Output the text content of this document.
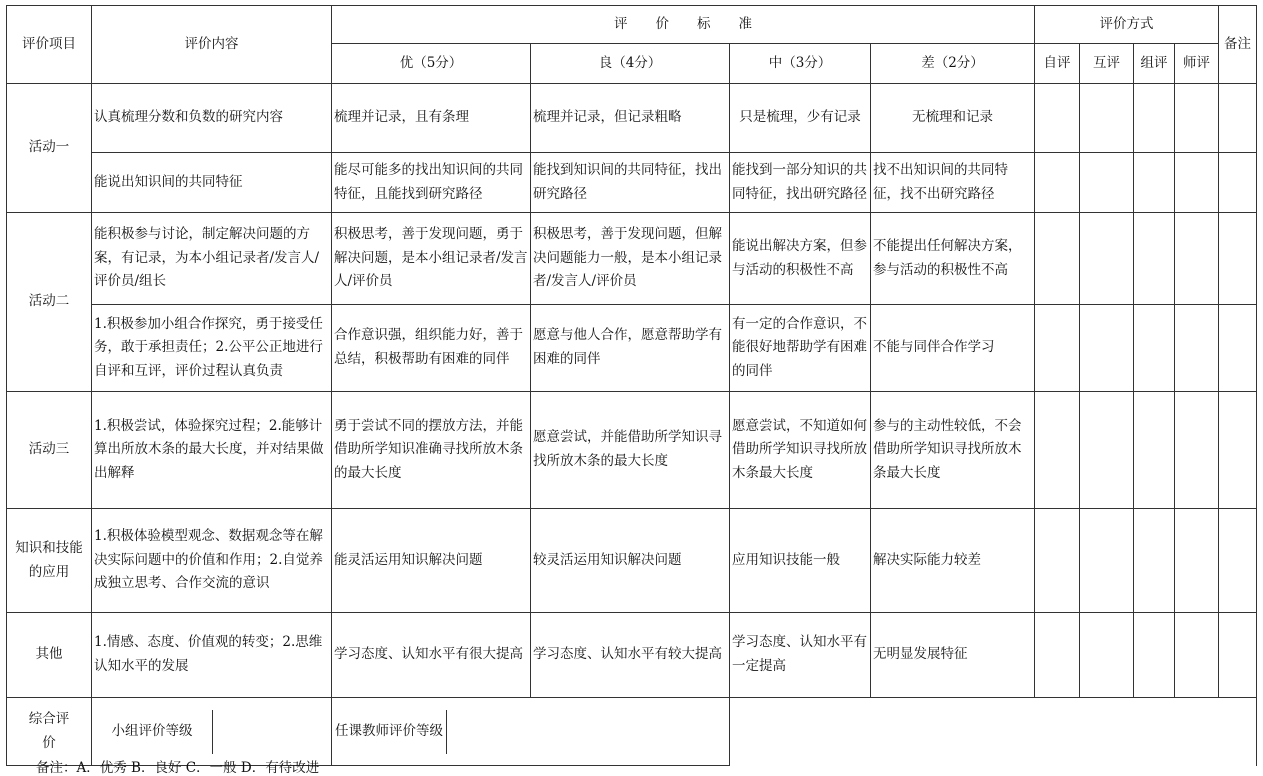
评价项目	评价内容	评价标准				评价方式				备注
		优（5分）	良（4分）	中（3分）	差（2分）	自评	互评	组评	师评	
活动一	认真梳理分数和负数的研究内容	梳理并记录，且有条理	梳理并记录，但记录粗略	只是梳理，少有记录	无梳理和记录					
	能说出知识间的共同特征	能尽可能多的找出知识间的共同特征，且能找到研究路径	能找到知识间的共同特征，找出研究路径	能找到一部分知识的共同特征，找出研究路径	找不出知识间的共同特征，找不出研究路径					
活动二	能积极参与讨论，制定解决问题的方案，有记录，为本小组记录者/发言人/评价员/组长	积极思考，善于发现问题，勇于解决问题，是本小组记录者/发言人/评价员	积极思考，善于发现问题，但解决问题能力一般，是本小组记录者/发言人/评价员	能说出解决方案，但参与活动的积极性不高	不能提出任何解决方案，参与活动的积极性不高					
	1.积极参加小组合作探究，勇于接受任务，敢于承担责任；2.公平公正地进行自评和互评，评价过程认真负责	合作意识强，组织能力好，善于总结，积极帮助有困难的同伴	愿意与他人合作，愿意帮助学有困难的同伴	有一定的合作意识，不能很好地帮助学有困难的同伴	不能与同伴合作学习					
活动三	1.积极尝试，体验探究过程；2.能够计算出所放木条的最大长度，并对结果做出解释	勇于尝试不同的摆放方法，并能借助所学知识准确寻找所放木条的最大长度	愿意尝试，并能借助所学知识寻找所放木条的最大长度	愿意尝试，不知道如何借助所学知识寻找所放木条最大长度	参与的主动性较低，不会借助所学知识寻找所放木条最大长度					
知识和技能的应用	1.积极体验模型观念、数据观念等在解决实际问题中的价值和作用；2.自觉养成独立思考、合作交流的意识	能灵活运用知识解决问题	较灵活运用知识解决问题	应用知识技能一般	解决实际能力较差					
其他	1.情感、态度、价值观的转变；2.思维认知水平的发展	学习态度、认知水平有很大提高	学习态度、认知水平有较大提高	学习态度、认知水平有一定提高	无明显发展特征					
综合评价	小组评价等级	任课教师评价等级								

备注：A．优秀 B．良好 C．一般 D．有待改进
